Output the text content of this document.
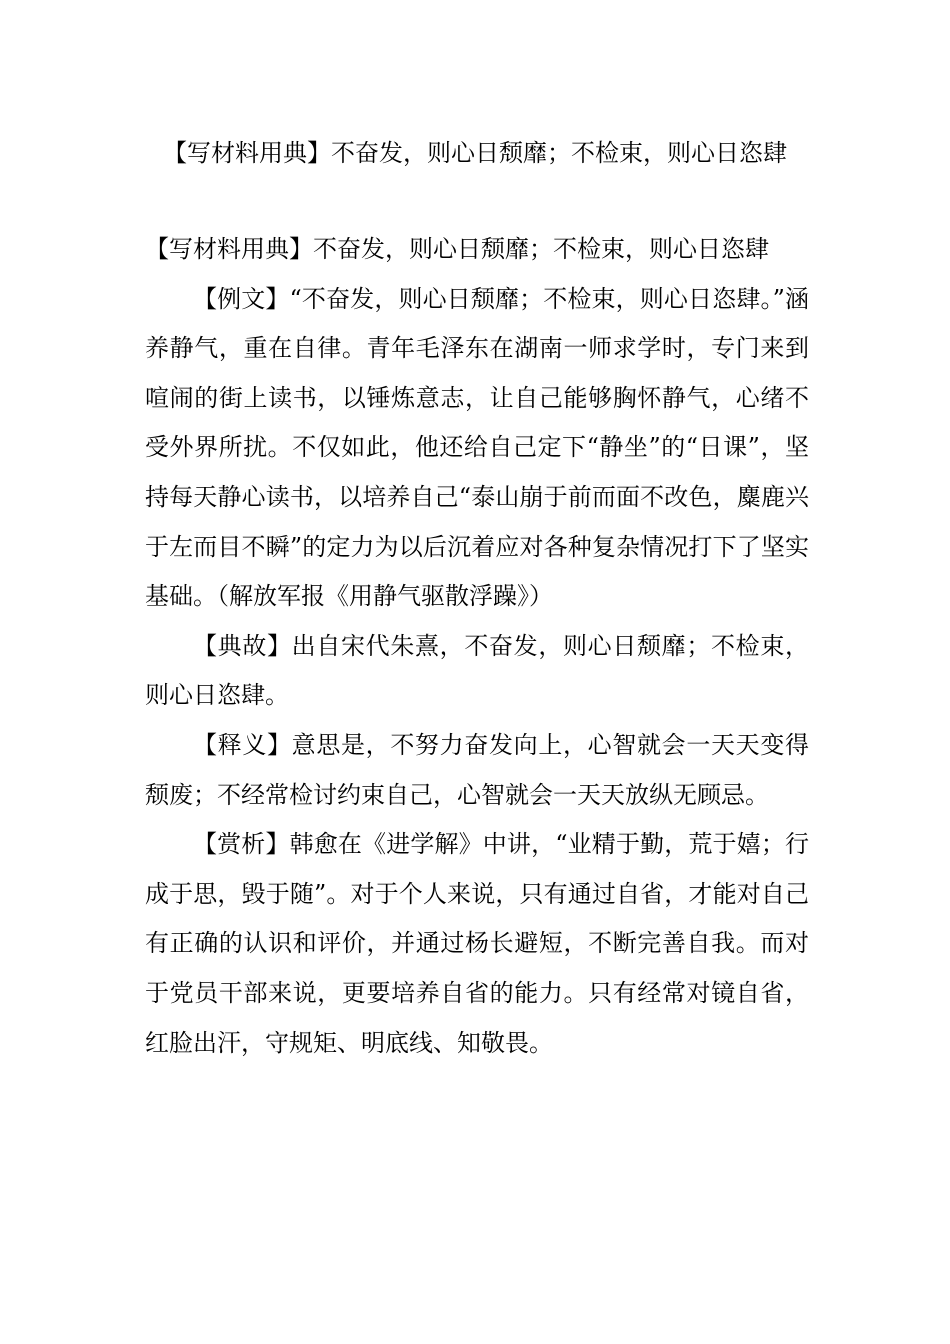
【写材料用典】不奋发，则心日颓靡；不检束，则心日恣肆

【写材料用典】不奋发，则心日颓靡；不检束，则心日恣肆

【例文】“不奋发，则心日颓靡；不检束，则心日恣肆。”涵养静气，重在自律。青年毛泽东在湖南一师求学时，专门来到喧闹的街上读书，以锤炼意志，让自己能够胸怀静气，心绪不受外界所扰。不仅如此，他还给自己定下“静坐”的“日课”，坚持每天静心读书，以培养自己“泰山崩于前而面不改色，麋鹿兴于左而目不瞬”的定力为以后沉着应对各种复杂情况打下了坚实基础。（解放军报《用静气驱散浮躁》）

【典故】出自宋代朱熹，不奋发，则心日颓靡；不检束，则心日恣肆。

【释义】意思是，不努力奋发向上，心智就会一天天变得颓废；不经常检讨约束自己，心智就会一天天放纵无顾忌。

【赏析】韩愈在《进学解》中讲，“业精于勤，荒于嬉；行成于思，毁于随”。对于个人来说，只有通过自省，才能对自己有正确的认识和评价，并通过杨长避短，不断完善自我。而对于党员干部来说，更要培养自省的能力。只有经常对镜自省，红脸出汗，守规矩、明底线、知敬畏。
